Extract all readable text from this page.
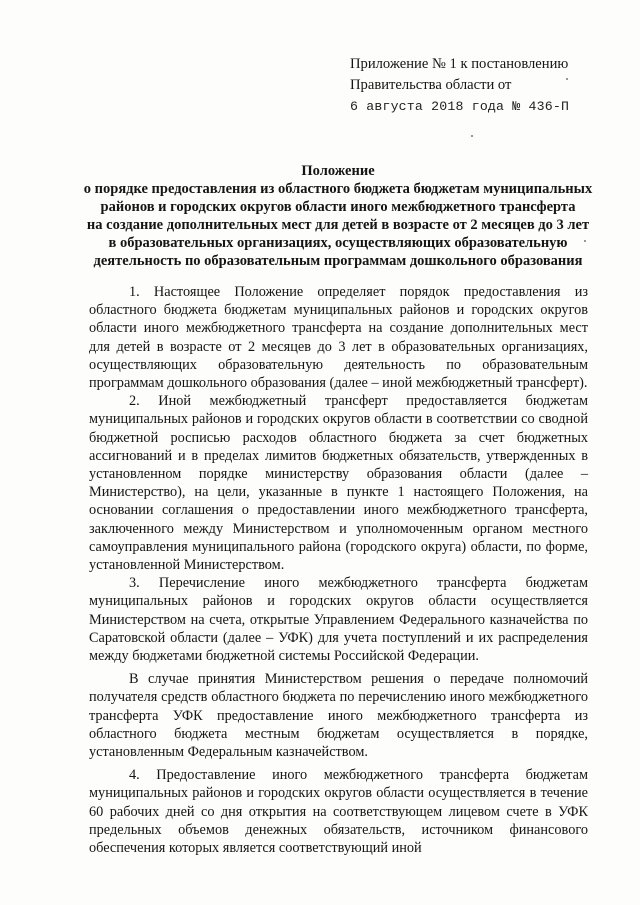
Приложение № 1 к постановлению
Правительства области от
6 августа 2018 года № 436-П
Положение
о порядке предоставления из областного бюджета бюджетам муниципальных
районов и городских округов области иного межбюджетного трансферта
на создание дополнительных мест для детей в возрасте от 2 месяцев до 3 лет
в образовательных организациях, осуществляющих образовательную
деятельность по образовательным программам дошкольного образования

1. Настоящее Положение определяет порядок предоставления из областного бюджета бюджетам муниципальных районов и городских округов области иного межбюджетного трансферта на создание дополнительных мест для детей в возрасте от 2 месяцев до 3 лет в образовательных организациях, осуществляющих образовательную деятельность по образовательным программам дошкольного образования (далее – иной межбюджетный трансферт).

2. Иной межбюджетный трансферт предоставляется бюджетам муниципальных районов и городских округов области в соответствии со сводной бюджетной росписью расходов областного бюджета за счет бюджетных ассигнований и в пределах лимитов бюджетных обязательств, утвержденных в установленном порядке министерству образования области (далее – Министерство), на цели, указанные в пункте 1 настоящего Положения, на основании соглашения о предоставлении иного межбюджетного трансферта, заключенного между Министерством и уполномоченным органом местного самоуправления муниципального района (городского округа) области, по форме, установленной Министерством.

3. Перечисление иного межбюджетного трансферта бюджетам муниципальных районов и городских округов области осуществляется Министерством на счета, открытые Управлением Федерального казначейства по Саратовской области (далее – УФК) для учета поступлений и их распределения между бюджетами бюджетной системы Российской Федерации.

В случае принятия Министерством решения о передаче полномочий получателя средств областного бюджета по перечислению иного межбюджетного трансферта УФК предоставление иного межбюджетного трансферта из областного бюджета местным бюджетам осуществляется в порядке, установленным Федеральным казначейством.

4. Предоставление иного межбюджетного трансферта бюджетам муниципальных районов и городских округов области осуществляется в течение 60 рабочих дней со дня открытия на соответствующем лицевом счете в УФК предельных объемов денежных обязательств, источником финансового обеспечения которых является соответствующий иной
